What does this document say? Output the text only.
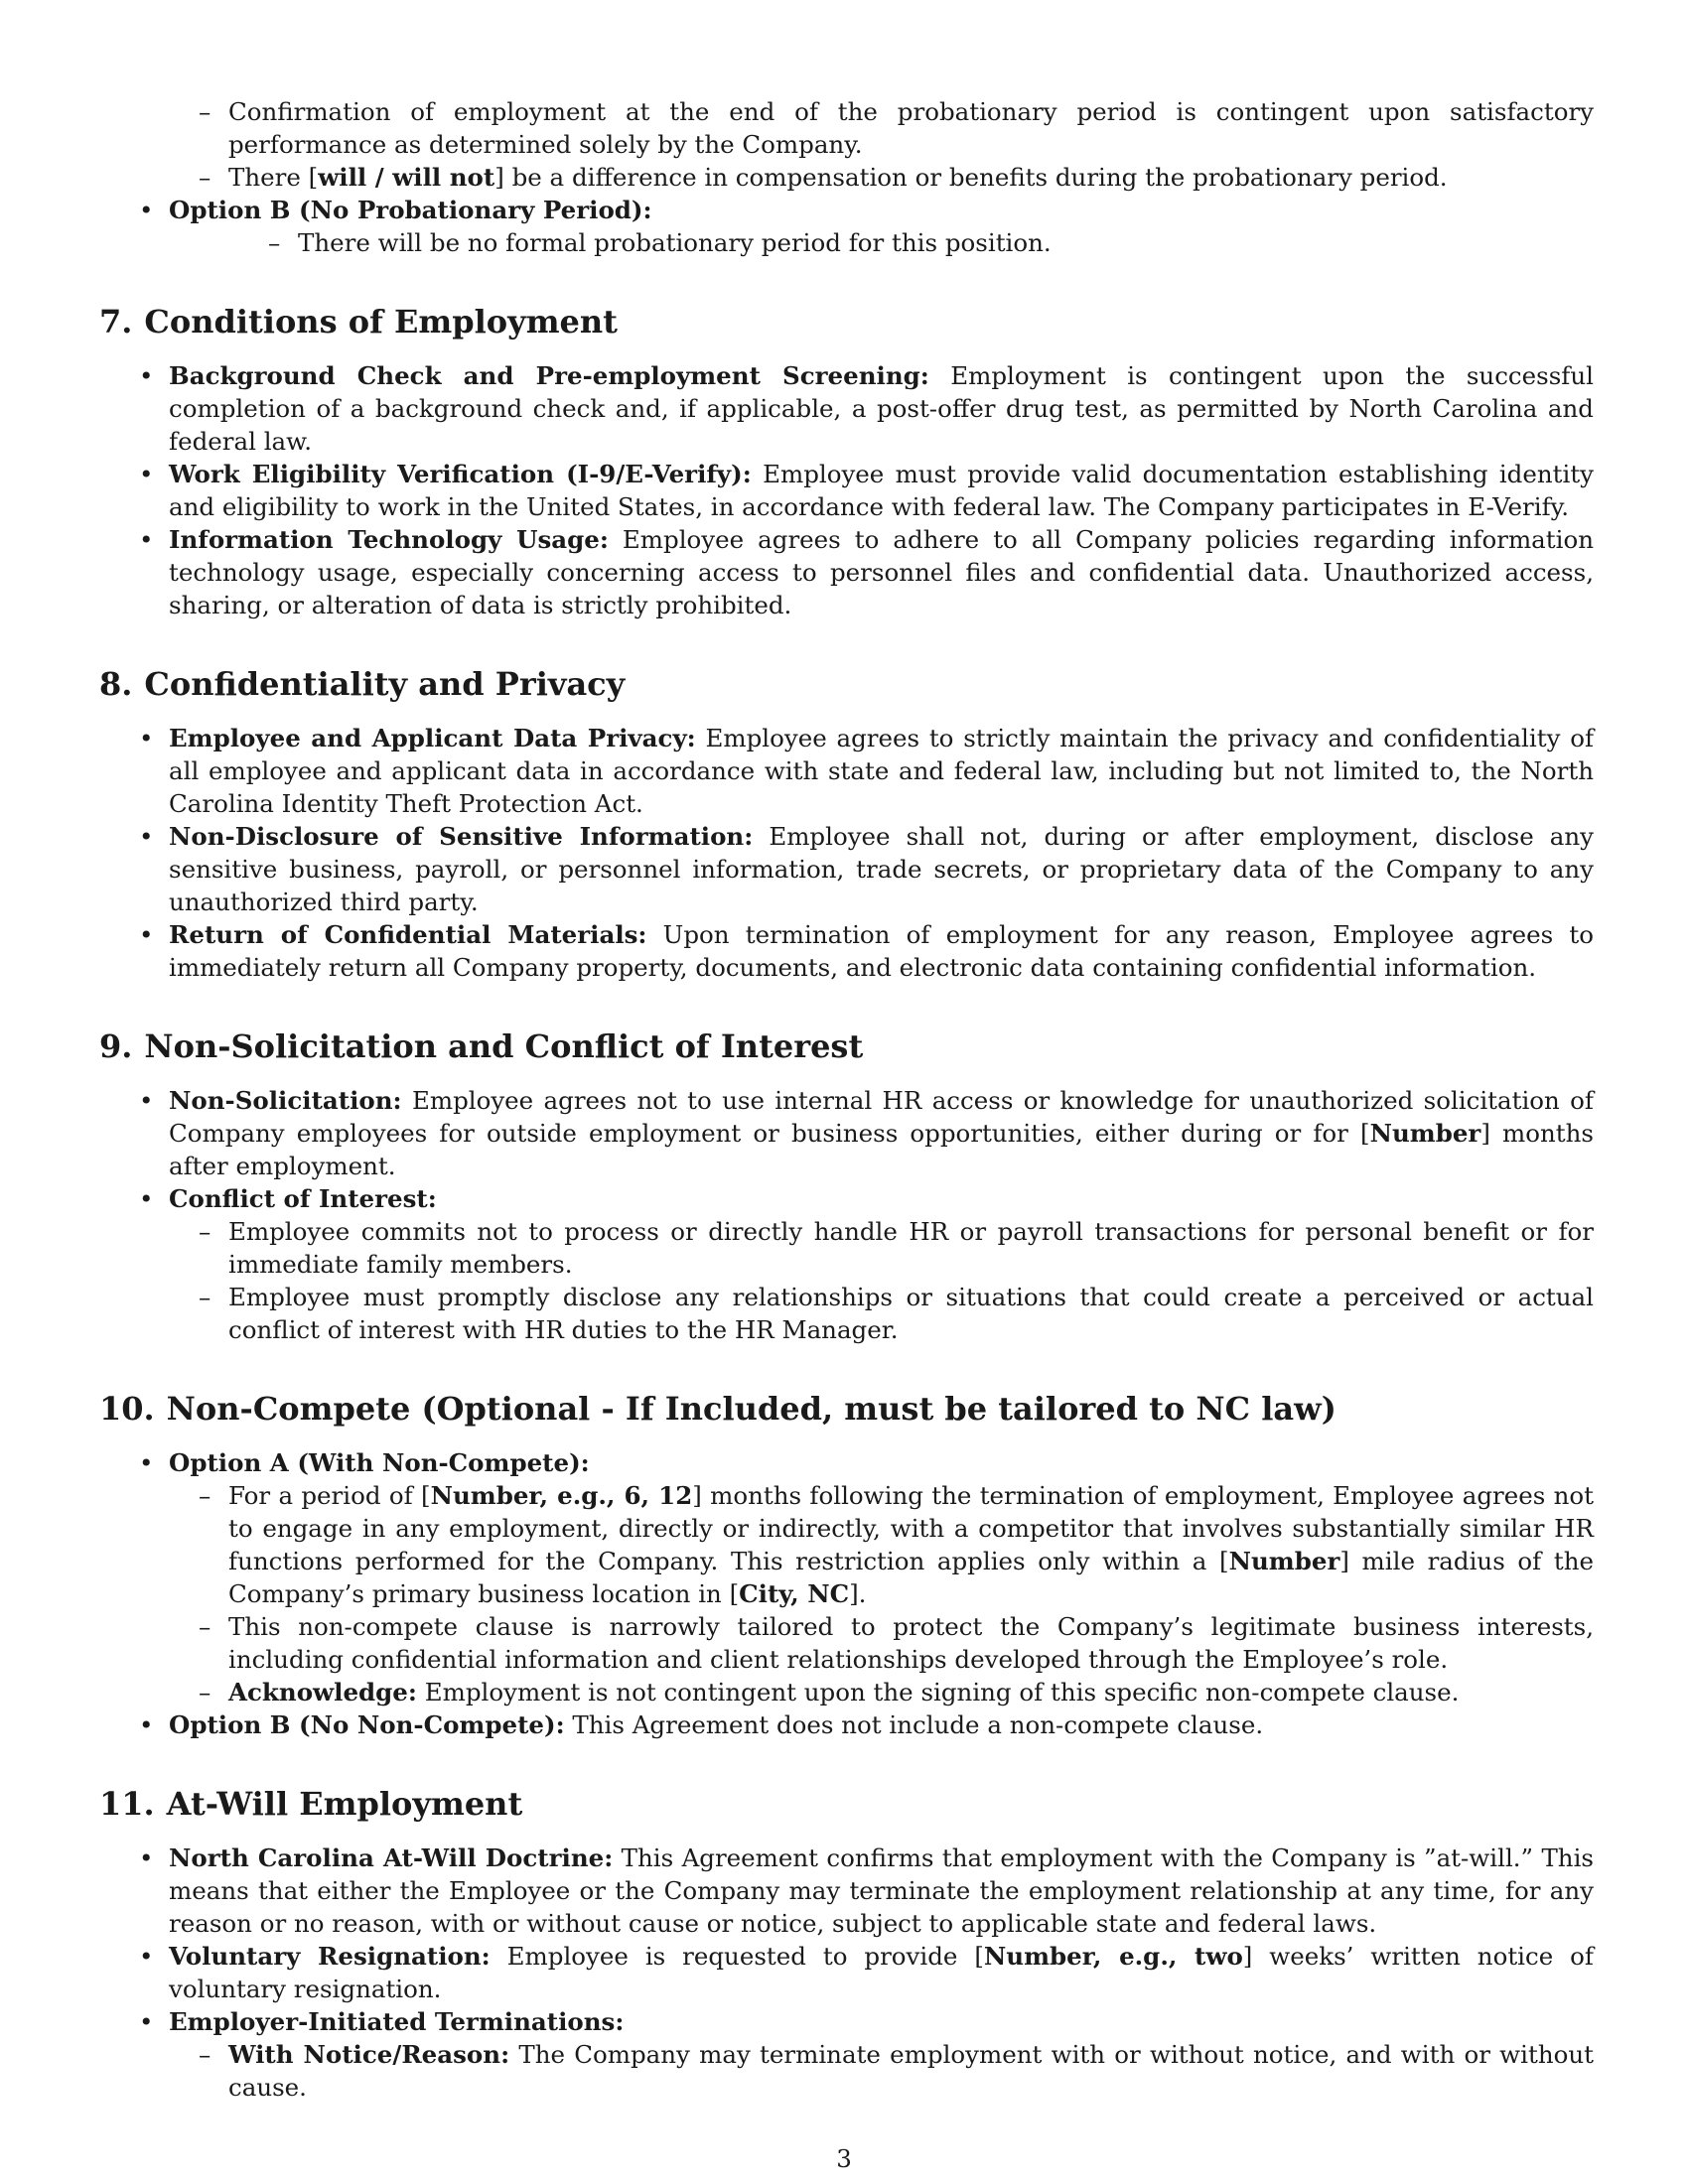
– Confirmation of employment at the end of the probationary period is contingent upon satisfactory performance as determined solely by the Company.
– There [will / will not] be a difference in compensation or benefits during the probationary period.
• Option B (No Probationary Period):
– There will be no formal probationary period for this position.
7. Conditions of Employment
• Background Check and Pre-employment Screening: Employment is contingent upon the successful completion of a background check and, if applicable, a post-offer drug test, as permitted by North Carolina and federal law.
• Work Eligibility Verification (I-9/E-Verify): Employee must provide valid documentation establishing identity and eligibility to work in the United States, in accordance with federal law. The Company participates in E-Verify.
• Information Technology Usage: Employee agrees to adhere to all Company policies regarding information technology usage, especially concerning access to personnel files and confidential data. Unauthorized access, sharing, or alteration of data is strictly prohibited.
8. Confidentiality and Privacy
• Employee and Applicant Data Privacy: Employee agrees to strictly maintain the privacy and confidentiality of all employee and applicant data in accordance with state and federal law, including but not limited to, the North Carolina Identity Theft Protection Act.
• Non-Disclosure of Sensitive Information: Employee shall not, during or after employment, disclose any sensitive business, payroll, or personnel information, trade secrets, or proprietary data of the Company to any unauthorized third party.
• Return of Confidential Materials: Upon termination of employment for any reason, Employee agrees to immediately return all Company property, documents, and electronic data containing confidential information.
9. Non-Solicitation and Conflict of Interest
• Non-Solicitation: Employee agrees not to use internal HR access or knowledge for unauthorized solicitation of Company employees for outside employment or business opportunities, either during or for [Number] months after employment.
• Conflict of Interest:
– Employee commits not to process or directly handle HR or payroll transactions for personal benefit or for immediate family members.
– Employee must promptly disclose any relationships or situations that could create a perceived or actual conflict of interest with HR duties to the HR Manager.
10. Non-Compete (Optional - If Included, must be tailored to NC law)
• Option A (With Non-Compete):
– For a period of [Number, e.g., 6, 12] months following the termination of employment, Employee agrees not to engage in any employment, directly or indirectly, with a competitor that involves substantially similar HR functions performed for the Company. This restriction applies only within a [Number] mile radius of the Company’s primary business location in [City, NC].
– This non-compete clause is narrowly tailored to protect the Company’s legitimate business interests, including confidential information and client relationships developed through the Employee’s role.
– Acknowledge: Employment is not contingent upon the signing of this specific non-compete clause.
• Option B (No Non-Compete): This Agreement does not include a non-compete clause.
11. At-Will Employment
• North Carolina At-Will Doctrine: This Agreement confirms that employment with the Company is ”at-will.” This means that either the Employee or the Company may terminate the employment relationship at any time, for any reason or no reason, with or without cause or notice, subject to applicable state and federal laws.
• Voluntary Resignation: Employee is requested to provide [Number, e.g., two] weeks’ written notice of voluntary resignation.
• Employer-Initiated Terminations:
– With Notice/Reason: The Company may terminate employment with or without notice, and with or without cause.
3
